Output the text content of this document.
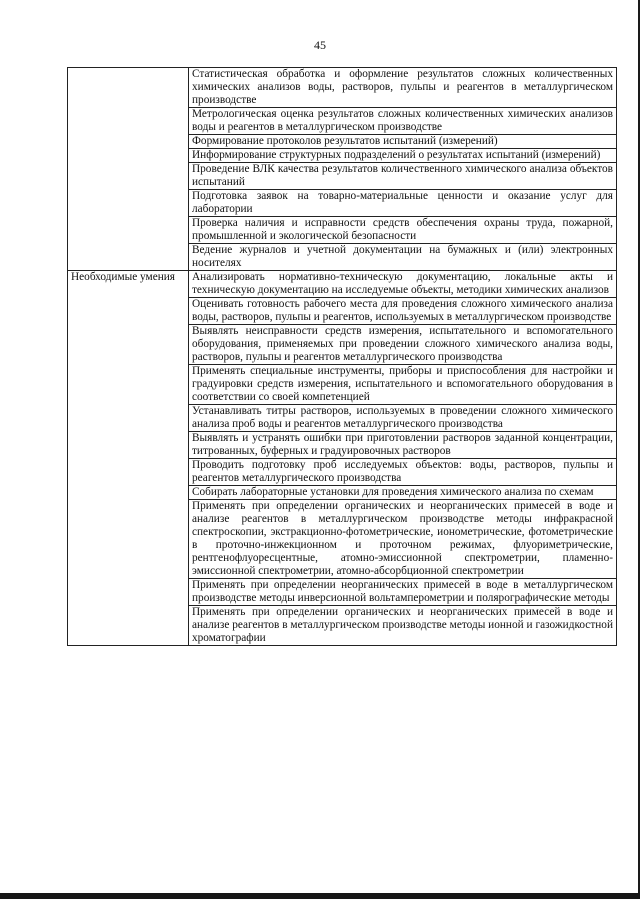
45
	Статистическая обработка и оформление результатов сложных количественных химических анализов воды, растворов, пульпы и реагентов в металлургическом производстве
	Метрологическая оценка результатов сложных количественных химических анализов воды и реагентов в металлургическом производстве
	Формирование протоколов результатов испытаний (измерений)
	Информирование структурных подразделений о результатах испытаний (измерений)
	Проведение ВЛК качества результатов количественного химического анализа объектов испытаний
	Подготовка заявок на товарно-материальные ценности и оказание услуг для лаборатории
	Проверка наличия и исправности средств обеспечения охраны труда, пожарной, промышленной и экологической безопасности
	Ведение журналов и учетной документации на бумажных и (или) электронных носителях
Необходимые умения	Анализировать нормативно-техническую документацию, локальные акты и техническую документацию на исследуемые объекты, методики химических анализов
	Оценивать готовность рабочего места для проведения сложного химического анализа воды, растворов, пульпы и реагентов, используемых в металлургическом производстве
	Выявлять неисправности средств измерения, испытательного и вспомогательного оборудования, применяемых при проведении сложного химического анализа воды, растворов, пульпы и реагентов металлургического производства
	Применять специальные инструменты, приборы и приспособления для настройки и градуировки средств измерения, испытательного и вспомогательного оборудования в соответствии со своей компетенцией
	Устанавливать титры растворов, используемых в проведении сложного химического анализа проб воды и реагентов металлургического производства
	Выявлять и устранять ошибки при приготовлении растворов заданной концентрации, титрованных, буферных и градуировочных растворов
	Проводить подготовку проб исследуемых объектов: воды, растворов, пульпы и реагентов металлургического производства
	Собирать лабораторные установки для проведения химического анализа по схемам
	Применять при определении органических и неорганических примесей в воде и анализе реагентов в металлургическом производстве методы инфракрасной спектроскопии, экстракционно-фотометрические, ионометрические, фотометрические в проточно-инжекционном и проточном режимах, флуориметрические, рентгенофлуоресцентные, атомно-эмиссионной спектрометрии, пламенно-эмиссионной спектрометрии, атомно-абсорбционной спектрометрии
	Применять при определении неорганических примесей в воде в металлургическом производстве методы инверсионной вольтамперометрии и полярографические методы
	Применять при определении органических и неорганических примесей в воде и анализе реагентов в металлургическом производстве методы ионной и газожидкостной хроматографии
